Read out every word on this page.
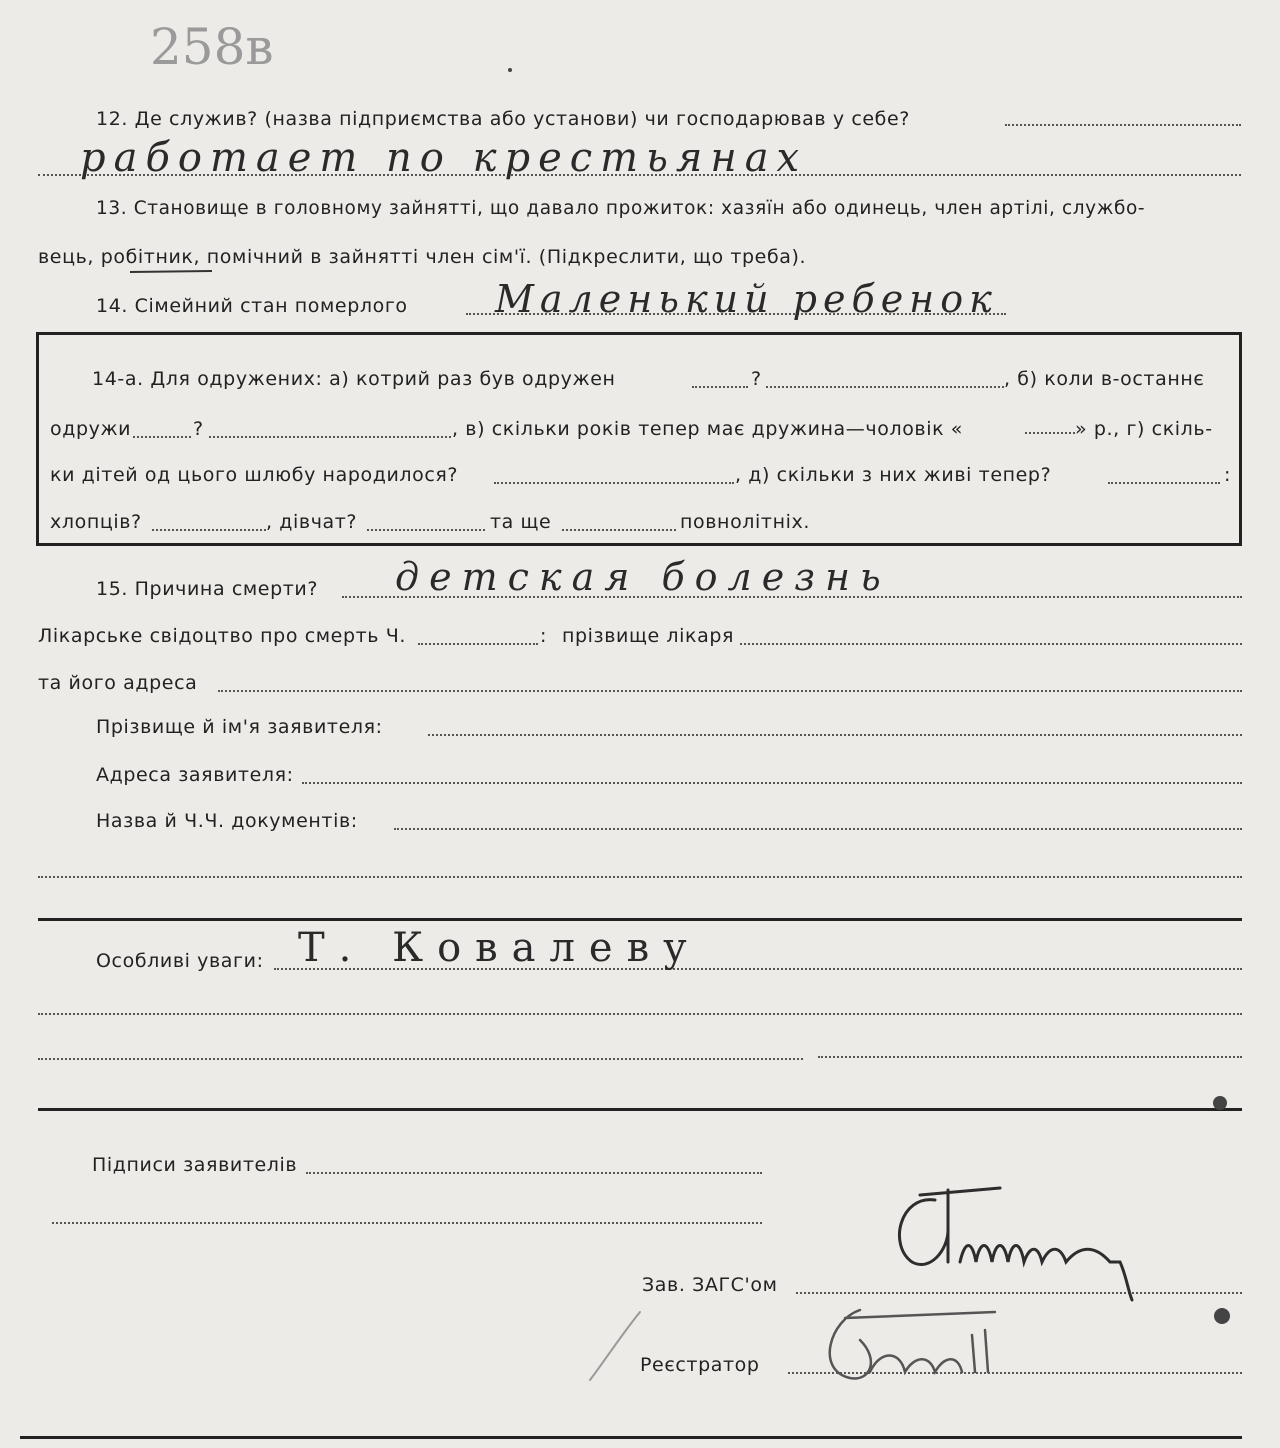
258в
12. Де служив? (назва підприємства або установи) чи господарював у себе?
работает по крестьянах
13. Становище в головному зайнятті, що давало прожиток: хазяїн або одинець, член артілі, службо-
вець, робітник, помічний в зайнятті член сім'ї. (Підкреслити, що треба).
14. Сімейний стан померлого Маленький ребенок
14-а. Для одружених: а) котрий раз був одружен	?	, б) коли в-останнє
одружи	?	, в) скільки років тепер має дружина—чоловік «	» р., г) скіль-
ки дітей од цього шлюбу народилося?	, д) скільки з них живі тепер?	:
хлопців?	, дівчат?	та ще	повнолітніх.
15. Причина смерти? детская болезнь
Лікарське свідоцтво про смерть Ч.	: прізвище лікаря
та його адреса
Прізвище й ім'я заявителя:
Адреса заявителя:
Назва й Ч.Ч. документів:
Особливі уваги: Т. Ковалеву
Підписи заявителів
Зав. ЗАГС'ом
Реєстратор
